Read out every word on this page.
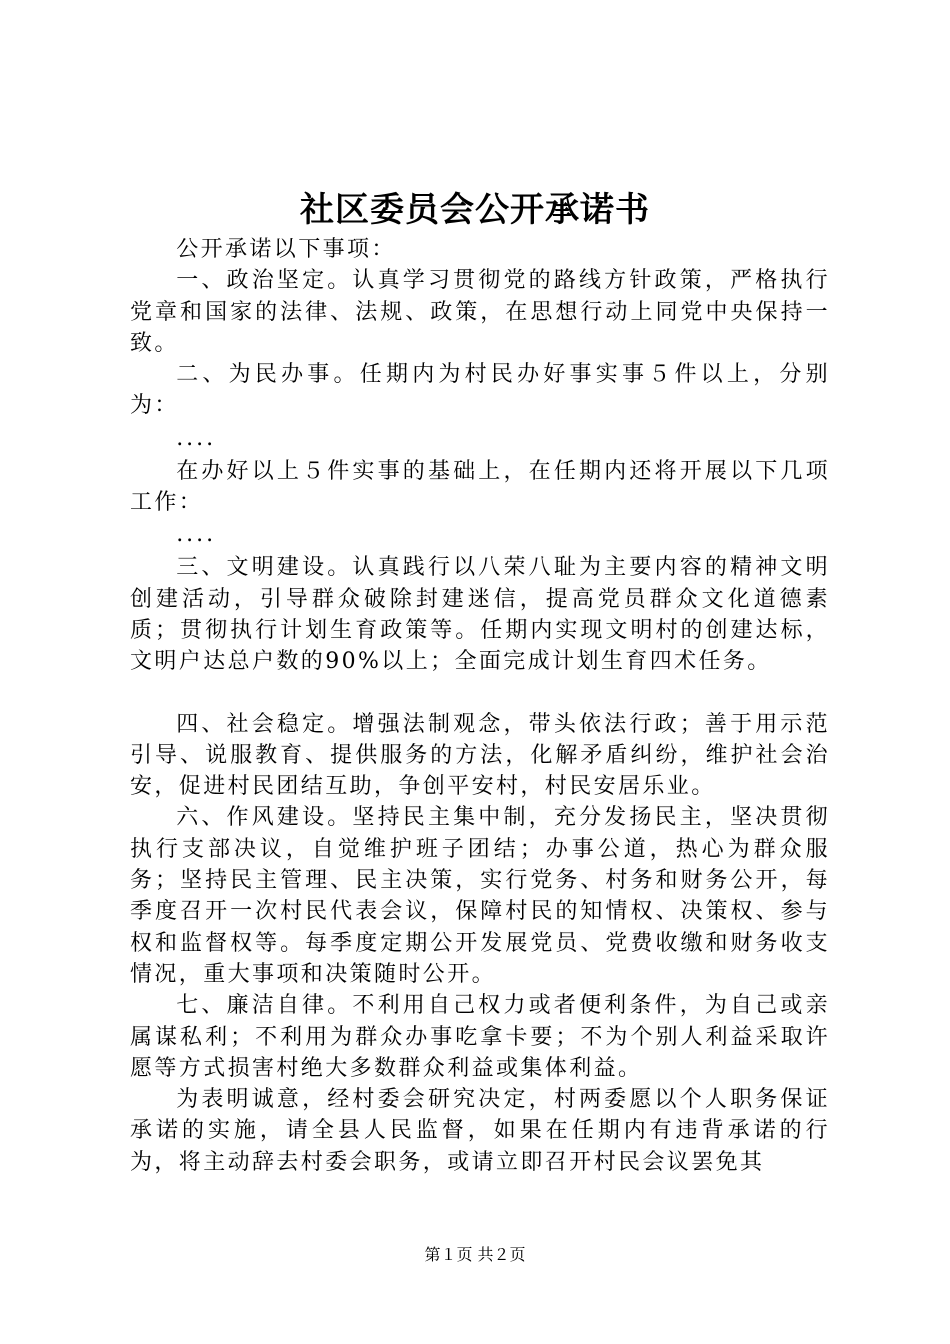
社区委员会公开承诺书

公开承诺以下事项：

一、政治坚定。认真学习贯彻党的路线方针政策，严格执行党章和国家的法律、法规、政策，在思想行动上同党中央保持一致。

二、为民办事。任期内为村民办好事实事５件以上，分别为：

....

在办好以上５件实事的基础上，在任期内还将开展以下几项工作：

....

三、文明建设。认真践行以八荣八耻为主要内容的精神文明创建活动，引导群众破除封建迷信，提高党员群众文化道德素质；贯彻执行计划生育政策等。任期内实现文明村的创建达标，文明户达总户数的90%以上；全面完成计划生育四术任务。

四、社会稳定。增强法制观念，带头依法行政；善于用示范引导、说服教育、提供服务的方法，化解矛盾纠纷，维护社会治安，促进村民团结互助，争创平安村，村民安居乐业。

六、作风建设。坚持民主集中制，充分发扬民主，坚决贯彻执行支部决议，自觉维护班子团结；办事公道，热心为群众服务；坚持民主管理、民主决策，实行党务、村务和财务公开，每季度召开一次村民代表会议，保障村民的知情权、决策权、参与权和监督权等。每季度定期公开发展党员、党费收缴和财务收支情况，重大事项和决策随时公开。

七、廉洁自律。不利用自己权力或者便利条件，为自己或亲属谋私利；不利用为群众办事吃拿卡要；不为个别人利益采取许愿等方式损害村绝大多数群众利益或集体利益。

为表明诚意，经村委会研究决定，村两委愿以个人职务保证承诺的实施，请全县人民监督，如果在任期内有违背承诺的行为，将主动辞去村委会职务，或请立即召开村民会议罢免其

第１页 共２页
